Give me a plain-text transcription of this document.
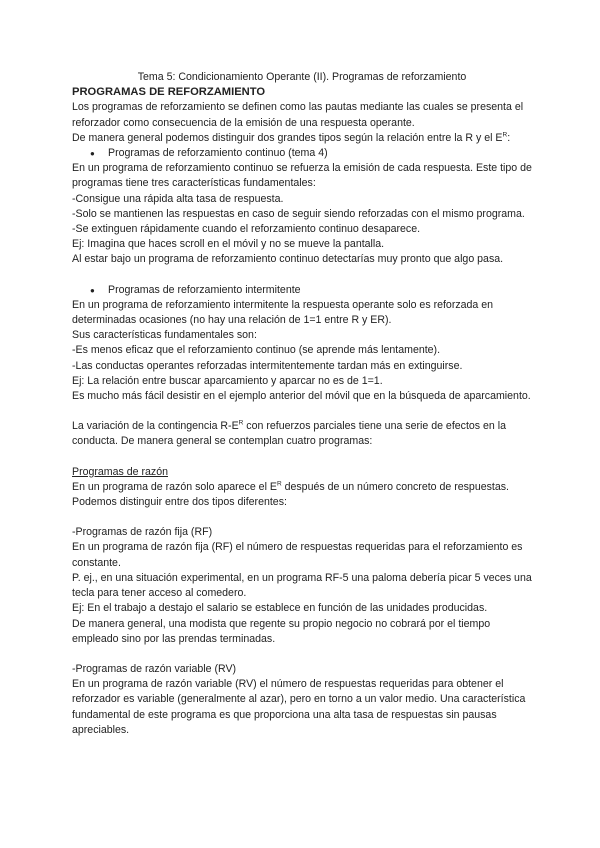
Tema 5: Condicionamiento Operante (II). Programas de reforzamiento

PROGRAMAS DE REFORZAMIENTO

Los programas de reforzamiento se definen como las pautas mediante las cuales se presenta el reforzador como consecuencia de la emisión de una respuesta operante.

De manera general podemos distinguir dos grandes tipos según la relación entre la R y el $E^R$:

● Programas de reforzamiento continuo (tema 4)

En un programa de reforzamiento continuo se refuerza la emisión de cada respuesta. Este tipo de programas tiene tres características fundamentales:

-Consigue una rápida alta tasa de respuesta.

-Solo se mantienen las respuestas en caso de seguir siendo reforzadas con el mismo programa.

-Se extinguen rápidamente cuando el reforzamiento continuo desaparece.

Ej: Imagina que haces scroll en el móvil y no se mueve la pantalla.

Al estar bajo un programa de reforzamiento continuo detectarías muy pronto que algo pasa.

● Programas de reforzamiento intermitente

En un programa de reforzamiento intermitente la respuesta operante solo es reforzada en determinadas ocasiones (no hay una relación de 1=1 entre R y ER).

Sus características fundamentales son:

-Es menos eficaz que el reforzamiento continuo (se aprende más lentamente).

-Las conductas operantes reforzadas intermitentemente tardan más en extinguirse.

Ej: La relación entre buscar aparcamiento y aparcar no es de 1=1.

Es mucho más fácil desistir en el ejemplo anterior del móvil que en la búsqueda de aparcamiento.

La variación de la contingencia $R-E^R$ con refuerzos parciales tiene una serie de efectos en la conducta. De manera general se contemplan cuatro programas:

Programas de razón

En un programa de razón solo aparece el $E^R$ después de un número concreto de respuestas. Podemos distinguir entre dos tipos diferentes:

-Programas de razón fija (RF)

En un programa de razón fija (RF) el número de respuestas requeridas para el reforzamiento es constante.

P. ej., en una situación experimental, en un programa RF-5 una paloma debería picar 5 veces una tecla para tener acceso al comedero.

Ej: En el trabajo a destajo el salario se establece en función de las unidades producidas.

De manera general, una modista que regente su propio negocio no cobrará por el tiempo empleado sino por las prendas terminadas.

-Programas de razón variable (RV)

En un programa de razón variable (RV) el número de respuestas requeridas para obtener el reforzador es variable (generalmente al azar), pero en torno a un valor medio. Una característica fundamental de este programa es que proporciona una alta tasa de respuestas sin pausas apreciables.
